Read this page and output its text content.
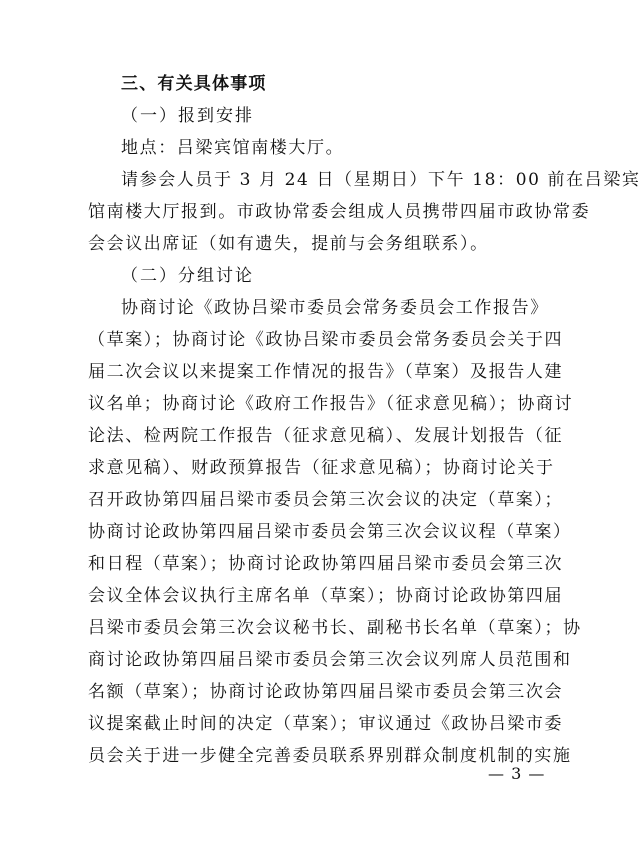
三、有关具体事项
（一）报到安排
地点：吕梁宾馆南楼大厅。
请参会人员于 3 月 24 日（星期日）下午 18：00 前在吕梁宾
馆南楼大厅报到。市政协常委会组成人员携带四届市政协常委
会会议出席证（如有遗失，提前与会务组联系）。
（二）分组讨论
协商讨论《政协吕梁市委员会常务委员会工作报告》
（草案）；协商讨论《政协吕梁市委员会常务委员会关于四
届二次会议以来提案工作情况的报告》（草案）及报告人建
议名单；协商讨论《政府工作报告》（征求意见稿）；协商讨
论法、检两院工作报告（征求意见稿）、发展计划报告（征
求意见稿）、财政预算报告（征求意见稿）；协商讨论关于
召开政协第四届吕梁市委员会第三次会议的决定（草案）；
协商讨论政协第四届吕梁市委员会第三次会议议程（草案）
和日程（草案）；协商讨论政协第四届吕梁市委员会第三次
会议全体会议执行主席名单（草案）；协商讨论政协第四届
吕梁市委员会第三次会议秘书长、副秘书长名单（草案）；协
商讨论政协第四届吕梁市委员会第三次会议列席人员范围和
名额（草案）；协商讨论政协第四届吕梁市委员会第三次会
议提案截止时间的决定（草案）；审议通过《政协吕梁市委
员会关于进一步健全完善委员联系界别群众制度机制的实施
— 3 —
